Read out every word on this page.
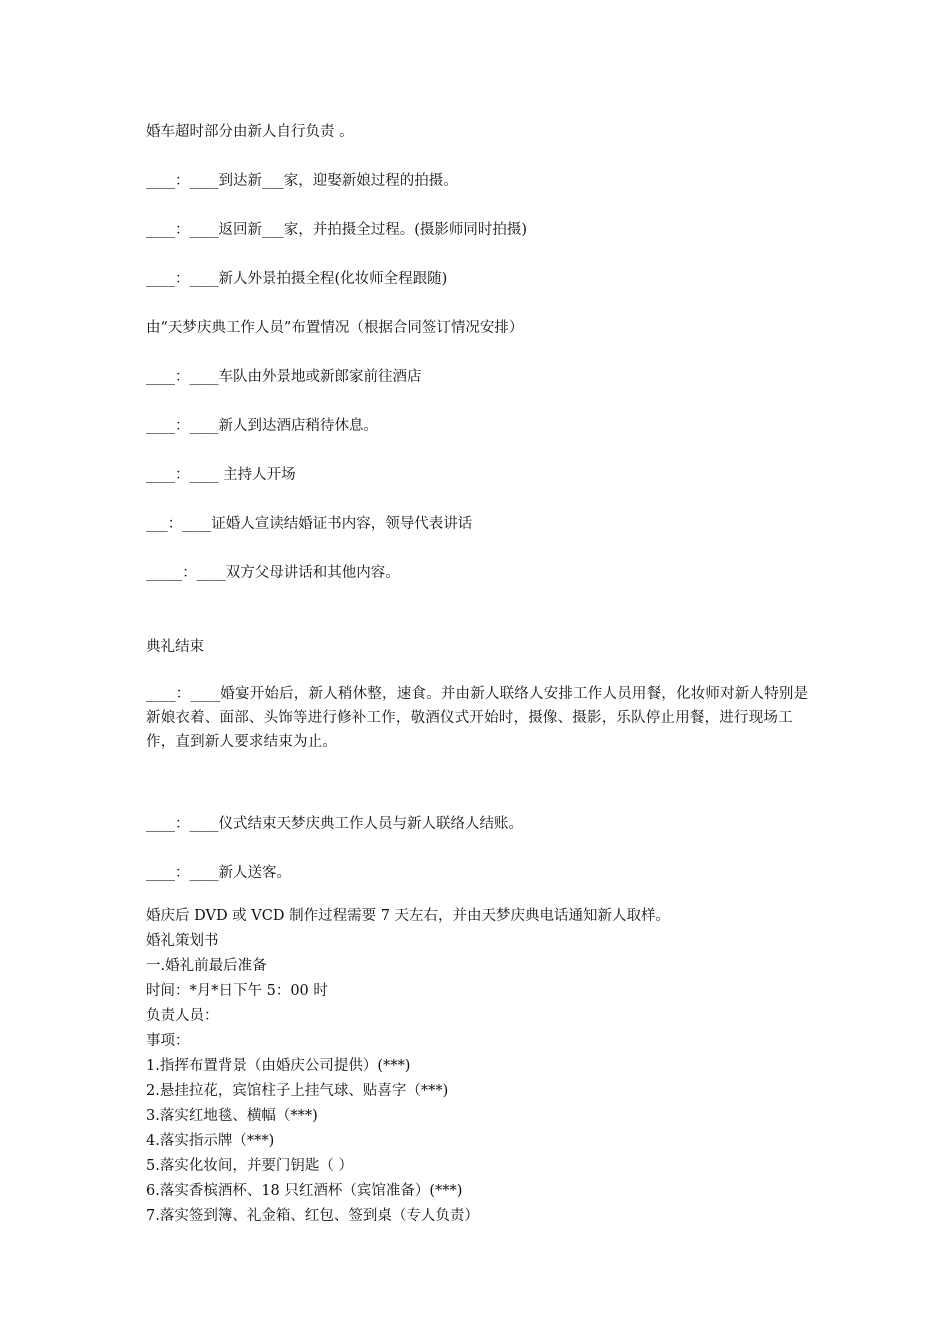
婚车超时部分由新人自行负责 。

____：____到达新___家，迎娶新娘过程的拍摄。

____：____返回新___家，并拍摄全过程。(摄影师同时拍摄)

____：____新人外景拍摄全程(化妆师全程跟随)

由“天梦庆典工作人员”布置情况（根据合同签订情况安排）

____：____车队由外景地或新郎家前往酒店

____：____新人到达酒店稍待休息。

____：____ 主持人开场

___：____证婚人宣读结婚证书内容，领导代表讲话

_____：____双方父母讲话和其他内容。

典礼结束

____：____婚宴开始后，新人稍休整，速食。并由新人联络人安排工作人员用餐，化妆师对新人特别是新娘衣着、面部、头饰等进行修补工作，敬酒仪式开始时，摄像、摄影，乐队停止用餐，进行现场工作，直到新人要求结束为止。

____：____仪式结束天梦庆典工作人员与新人联络人结账。

____：____新人送客。

婚庆后 DVD 或 VCD 制作过程需要 7 天左右，并由天梦庆典电话通知新人取样。

婚礼策划书

一.婚礼前最后准备

时间：*月*日下午 5：00 时

负责人员：

事项：

1.指挥布置背景（由婚庆公司提供）(***)

2.悬挂拉花，宾馆柱子上挂气球、贴喜字（***)

3.落实红地毯、横幅（***)

4.落实指示牌（***)

5.落实化妆间，并要门钥匙（ ）

6.落实香槟酒杯、18 只红酒杯（宾馆准备）(***)

7.落实签到簿、礼金箱、红包、签到桌（专人负责）
